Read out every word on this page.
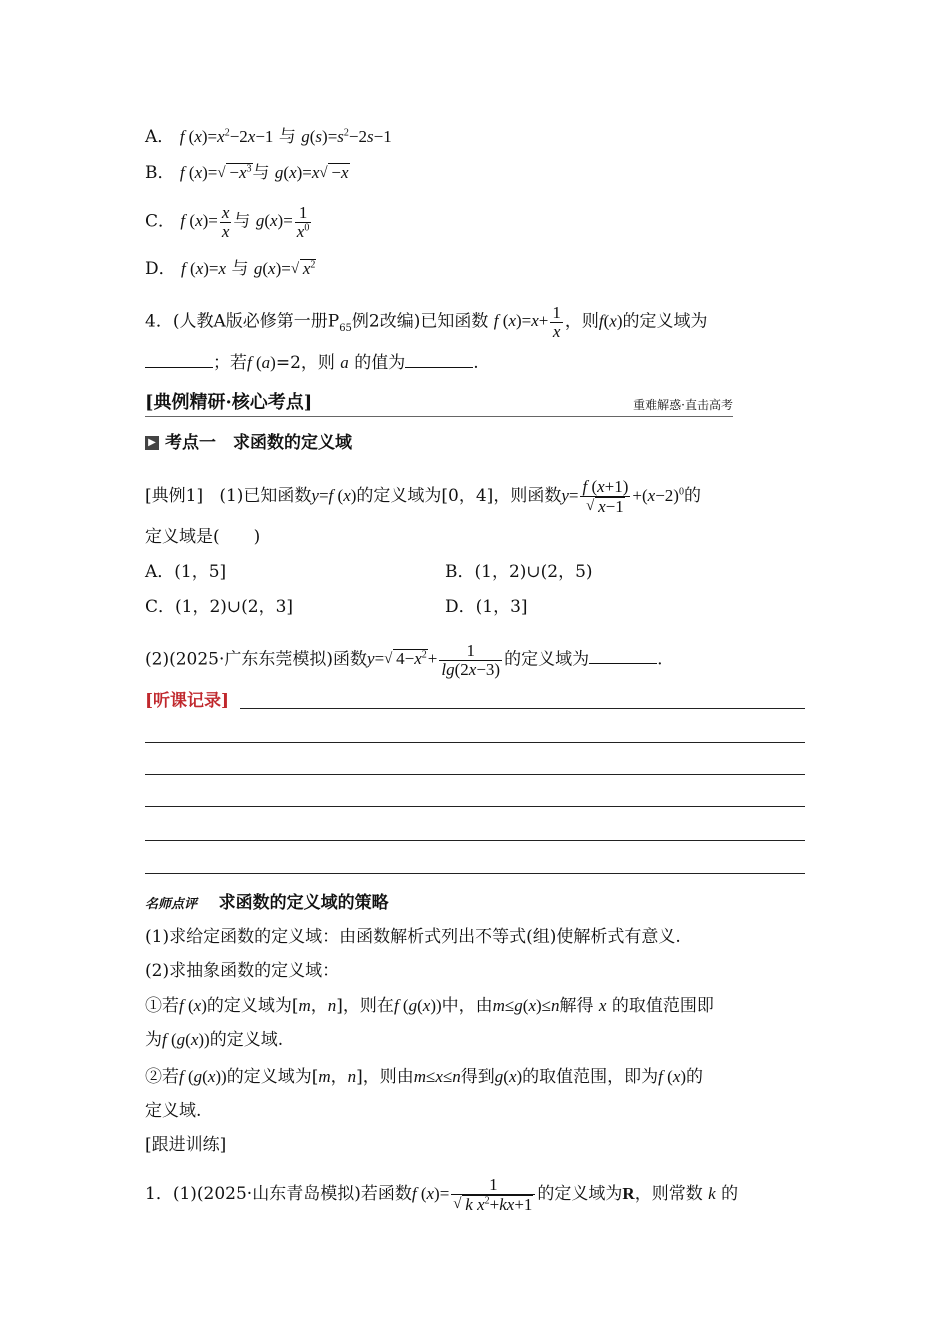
A． f $(x)=x^2-2x-1$ 与 $g(s)=s^2-2s-1$
B． f (x)= √ $-x^3$与 g(x)=x √ −x
C． f $(x)= \frac{x}{x}$ 与 $g(x)= \frac{1}{x^0}$
D． f (x)=x 与 g(x)= √ $x^2$
4．(人教A版必修第一册$P_{65}$例2改编)已知函数 f $(x)=x+ \frac{1}{x}$ ，则f(x)的定义域为
；若f (a)=2，则 a 的值为	.
[典例精研·核心考点]	重难解惑·直击高考
▶ 考点一　求函数的定义域
[典例1] (1)已知函数y=f (x)的定义域为[0，4]，则函数$y= \frac{f (x+1)}{√ x-1} +(x-2)^0$的
定义域是(　　)
A．(1，5]	B．(1，2)∪(2，5)
C．(1，2)∪(2，3]	D．(1，3]
(2)(2025·广东东莞模拟)函数y= √ $4-x^2+ \frac{1}{\lg(2x-3)}$ 的定义域为	.
[听课记录]
名师点评 求函数的定义域的策略
(1)求给定函数的定义域：由函数解析式列出不等式(组)使解析式有意义.
(2)求抽象函数的定义域：
①若f (x)的定义域为[m，n]，则在f (g(x))中，由m≤g(x)≤n解得 x 的取值范围即
为f (g(x))的定义域.
②若f (g(x))的定义域为[m，n]，则由m≤x≤n得到g(x)的取值范围，即为f (x)的
定义域.
[跟进训练]
1．(1)(2025·山东青岛模拟)若函数f $(x)= \frac{1}{√ k x^2+kx+1}$ 的定义域为R，则常数 k 的
